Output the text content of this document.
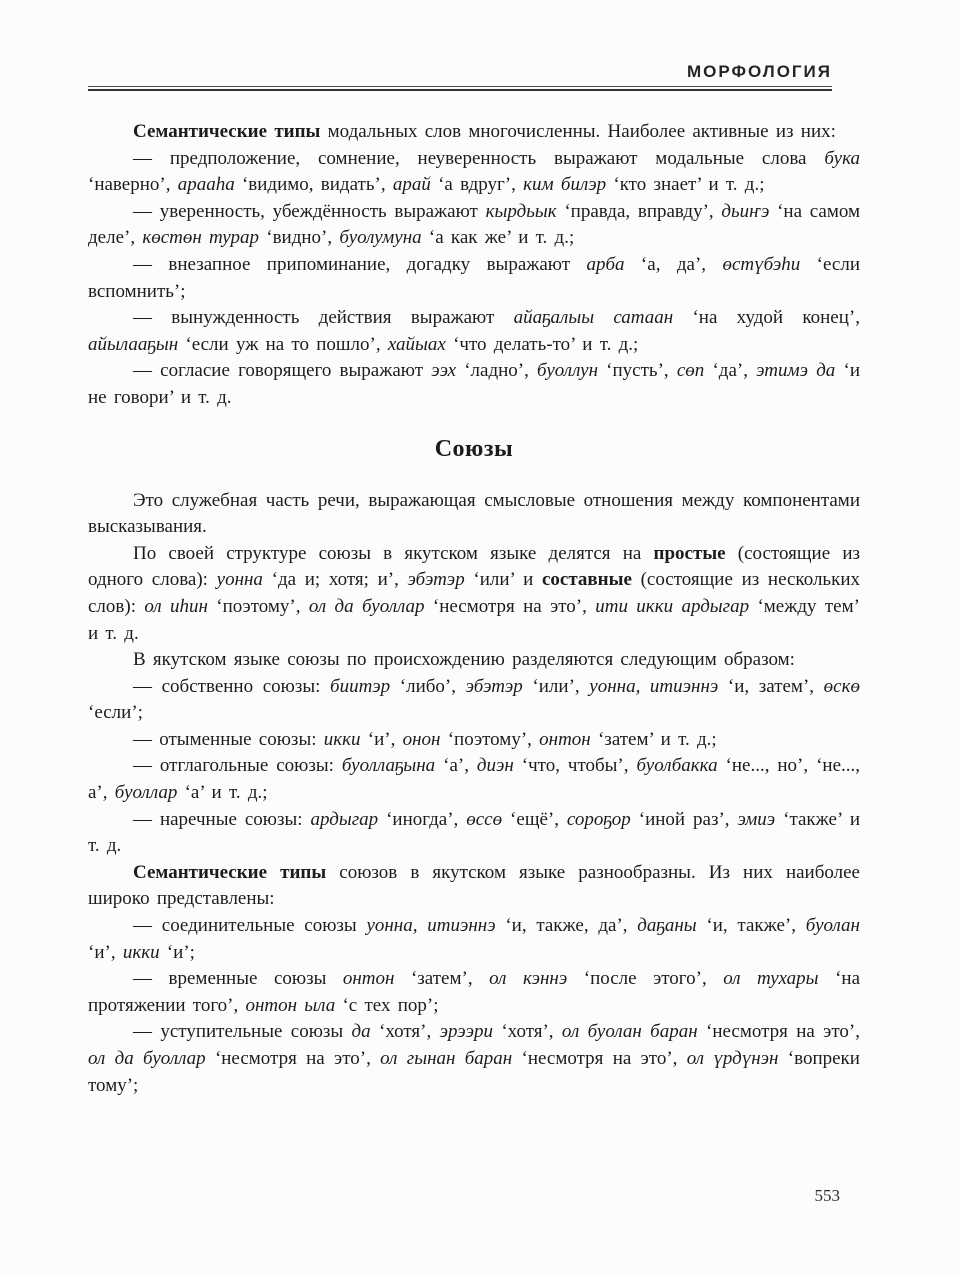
МОРФОЛОГИЯ

Семантические типы модальных слов многочисленны. Наиболее активные из них:

— предположение, сомнение, неуверенность выражают модальные слова бука ‘наверно’, арааһа ‘видимо, видать’, арай ‘а вдруг’, ким билэр ‘кто знает’ и т. д.;

— уверенность, убеждённость выражают кырдьык ‘правда, вправду’, дьиҥэ ‘на самом деле’, көстөн турар ‘видно’, буолумуна ‘а как же’ и т. д.;

— внезапное припоминание, догадку выражают арба ‘а, да’, өстүбэһи ‘если вспомнить’;

— вынужденность действия выражают айаҕалыы сатаан ‘на худой конец’, айылааҕын ‘если уж на то пошло’, хайыах ‘что делать-то’ и т. д.;

— согласие говорящего выражают ээх ‘ладно’, буоллун ‘пусть’, сөп ‘да’, этимэ да ‘и не говори’ и т. д.

Союзы

Это служебная часть речи, выражающая смысловые отношения между компонентами высказывания.

По своей структуре союзы в якутском языке делятся на простые (состоящие из одного слова): уонна ‘да и; хотя; и’, эбэтэр ‘или’ и составные (состоящие из нескольких слов): ол иһин ‘поэтому’, ол да буоллар ‘несмотря на это’, ити икки ардыгар ‘между тем’ и т. д.

В якутском языке союзы по происхождению разделяются следующим образом:

— собственно союзы: биитэр ‘либо’, эбэтэр ‘или’, уонна, итиэннэ ‘и, затем’, өскө ‘если’;

— отыменные союзы: икки ‘и’, онон ‘поэтому’, онтон ‘затем’ и т. д.;

— отглагольные союзы: буоллаҕына ‘а’, диэн ‘что, чтобы’, буолбакка ‘не..., но’, ‘не..., а’, буоллар ‘а’ и т. д.;

— наречные союзы: ардыгар ‘иногда’, өссө ‘ещё’, сороҕор ‘иной раз’, эмиэ ‘также’ и т. д.

Семантические типы союзов в якутском языке разнообразны. Из них наиболее широко представлены:

— соединительные союзы уонна, итиэннэ ‘и, также, да’, даҕаны ‘и, также’, буолан ‘и’, икки ‘и’;

— временные союзы онтон ‘затем’, ол кэннэ ‘после этого’, ол тухары ‘на протяжении того’, онтон ыла ‘с тех пор’;

— уступительные союзы да ‘хотя’, эрээри ‘хотя’, ол буолан баран ‘несмотря на это’, ол да буоллар ‘несмотря на это’, ол гынан баран ‘несмотря на это’, ол үрдүнэн ‘вопреки тому’;

553
